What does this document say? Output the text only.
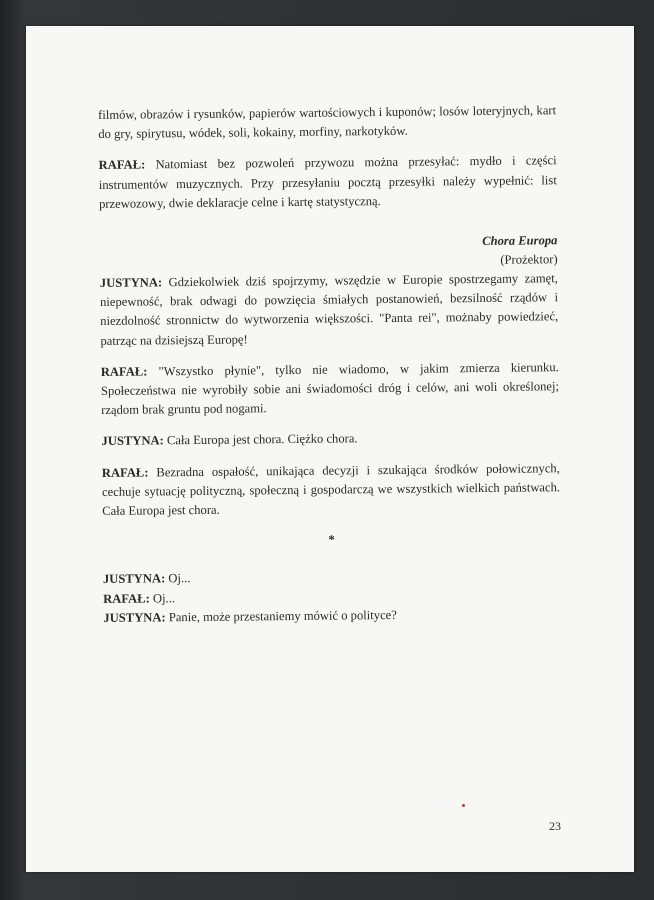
filmów, obrazów i rysunków, papierów wartościowych i kuponów; losów loteryjnych, kart do gry, spirytusu, wódek, soli, kokainy, morfiny, narkotyków.

RAFAŁ: Natomiast bez pozwoleń przywozu można przesyłać: mydło i części instrumentów muzycznych. Przy przesyłaniu pocztą przesyłki należy wypełnić: list przewozowy, dwie deklaracje celne i kartę statystyczną.

Chora Europa
(Prożektor)

JUSTYNA: Gdziekolwiek dziś spojrzymy, wszędzie w Europie spostrzegamy zamęt, niepewność, brak odwagi do powzięcia śmiałych postanowień, bezsilność rządów i niezdolność stronnictw do wytworzenia większości. "Panta rei", możnaby powiedzieć, patrząc na dzisiejszą Europę!

RAFAŁ: "Wszystko płynie", tylko nie wiadomo, w jakim zmierza kierunku. Społeczeństwa nie wyrobiły sobie ani świadomości dróg i celów, ani woli określonej; rządom brak gruntu pod nogami.

JUSTYNA: Cała Europa jest chora. Ciężko chora.

RAFAŁ: Bezradna ospałość, unikająca decyzji i szukająca środków połowicznych, cechuje sytuację polityczną, społeczną i gospodarczą we wszystkich wielkich państwach. Cała Europa jest chora.

*

JUSTYNA: Oj...

RAFAŁ: Oj...

JUSTYNA: Panie, może przestaniemy mówić o polityce?

23
